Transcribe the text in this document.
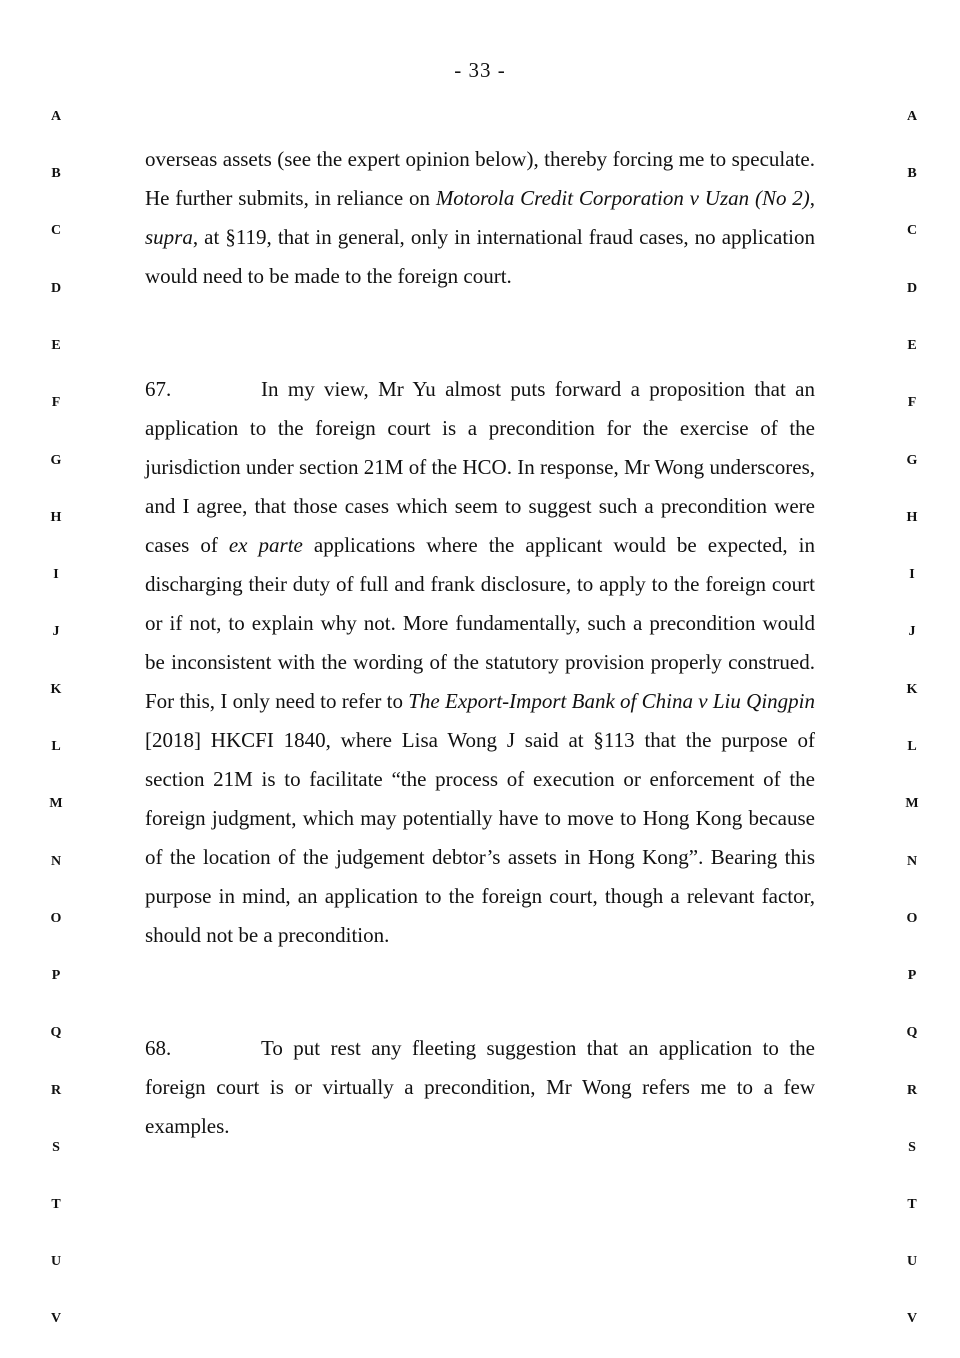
- 33 -
A
B
C
D
E
F
G
H
I
J
K
L
M
N
O
P
Q
R
S
T
U
V
A
B
C
D
E
F
G
H
I
J
K
L
M
N
O
P
Q
R
S
T
U
V
overseas assets (see the expert opinion below), thereby forcing me to speculate. He further submits, in reliance on Motorola Credit Corporation v Uzan (No 2), supra, at §119, that in general, only in international fraud cases, no application would need to be made to the foreign court.
67.	In my view, Mr Yu almost puts forward a proposition that an application to the foreign court is a precondition for the exercise of the jurisdiction under section 21M of the HCO. In response, Mr Wong underscores, and I agree, that those cases which seem to suggest such a precondition were cases of ex parte applications where the applicant would be expected, in discharging their duty of full and frank disclosure, to apply to the foreign court or if not, to explain why not. More fundamentally, such a precondition would be inconsistent with the wording of the statutory provision properly construed. For this, I only need to refer to The Export-Import Bank of China v Liu Qingpin [2018] HKCFI 1840, where Lisa Wong J said at §113 that the purpose of section 21M is to facilitate “the process of execution or enforcement of the foreign judgment, which may potentially have to move to Hong Kong because of the location of the judgement debtor’s assets in Hong Kong”. Bearing this purpose in mind, an application to the foreign court, though a relevant factor, should not be a precondition.
68.	To put rest any fleeting suggestion that an application to the foreign court is or virtually a precondition, Mr Wong refers me to a few examples.
